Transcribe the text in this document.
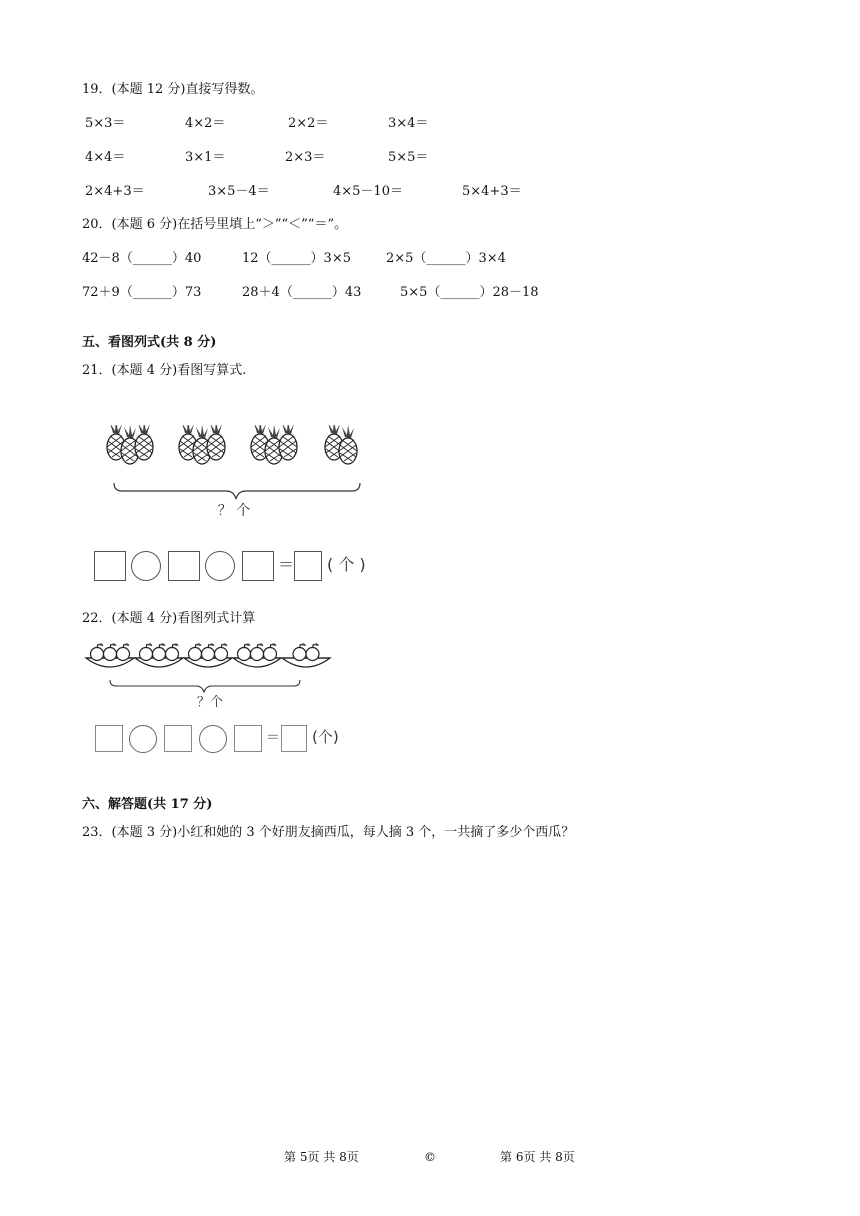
19．(本题 12 分)直接写得数。
5×3＝	4×2＝	2×2＝	3×4＝
4×4＝	3×1＝	2×3＝	5×5＝
2×4+3＝	3×5－4＝	4×5－10＝	5×4+3＝
20．(本题 6 分)在括号里填上“＞”“＜”“＝”。
42－8（______）40	12（______）3×5	2×5（______）3×4
72＋9（______）73	28＋4（______）43	5×5（______）28－18
五、看图列式(共 8 分)
21．(本题 4 分)看图写算式.
？ 个
＝ ( 个 )
22．(本题 4 分)看图列式计算
？个
＝ (个)
六、解答题(共 17 分)
23．(本题 3 分)小红和她的 3 个好朋友摘西瓜，每人摘 3 个，一共摘了多少个西瓜？
第 5页 共 8页	©	第 6页 共 8页
